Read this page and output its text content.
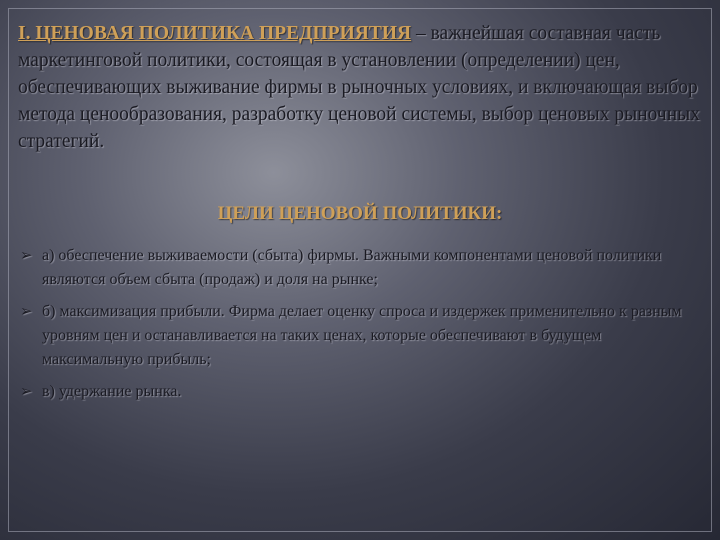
I. ЦЕНОВАЯ ПОЛИТИКА ПРЕДПРИЯТИЯ – важнейшая составная часть маркетинговой политики, состоящая в установлении (определении) цен, обеспечивающих выживание фирмы в рыночных условиях, и включающая выбор метода ценообразования, разработку ценовой системы, выбор ценовых рыночных стратегий.

ЦЕЛИ ЦЕНОВОЙ ПОЛИТИКИ:
➢ а) обеспечение выживаемости (сбыта) фирмы. Важными компонентами ценовой политики являются объем сбыта (продаж) и доля на рынке;
➢ б) максимизация прибыли. Фирма делает оценку спроса и издержек применительно к разным уровням цен и останавливается на таких ценах, которые обеспечивают в будущем максимальную прибыль;
➢ в) удержание рынка.
